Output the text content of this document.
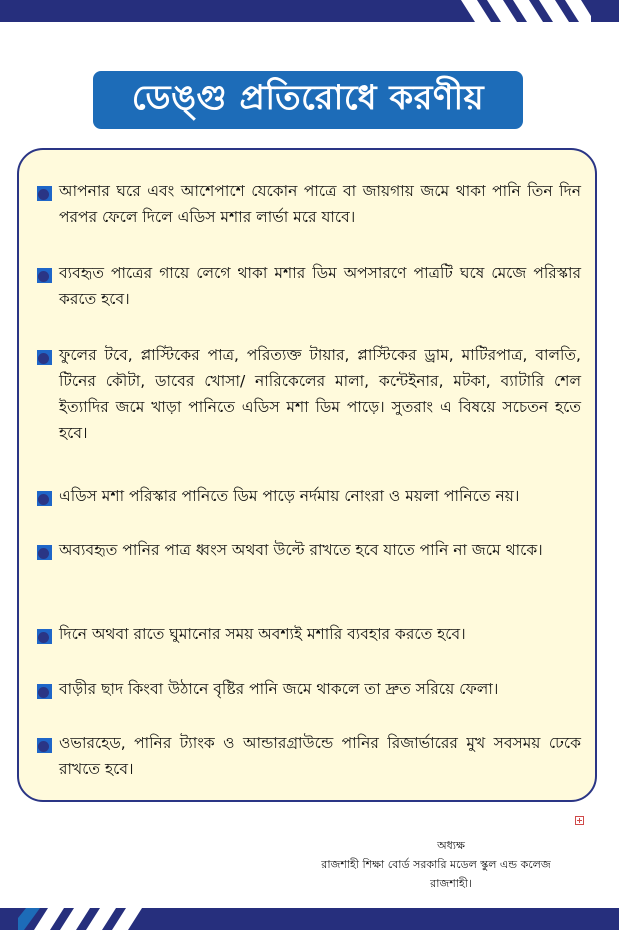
ডেঙ্গু প্রতিরোধে করণীয়
আপনার ঘরে এবং আশেপাশে যেকোন পাত্রে বা জায়গায় জমে থাকা পানি তিন দিন পরপর ফেলে দিলে এডিস মশার লার্ভা মরে যাবে।
ব্যবহৃত পাত্রের গায়ে লেগে থাকা মশার ডিম অপসারণে পাত্রটি ঘষে মেজে পরিস্কার করতে হবে।
ফুলের টবে, প্লাস্টিকের পাত্র, পরিত্যক্ত টায়ার, প্লাস্টিকের ড্রাম, মাটিরপাত্র, বালতি, টিনের কৌটা, ডাবের খোসা/ নারিকেলের মালা, কন্টেইনার, মটকা, ব্যাটারি শেল ইত্যাদির জমে খাড়া পানিতে এডিস মশা ডিম পাড়ে। সুতরাং এ বিষয়ে সচেতন হতে হবে।
এডিস মশা পরিস্কার পানিতে ডিম পাড়ে নর্দমায় নোংরা ও ময়লা পানিতে নয়।
অব্যবহৃত পানির পাত্র ধ্বংস অথবা উল্টে রাখতে হবে যাতে পানি না জমে থাকে।
দিনে অথবা রাতে ঘুমানোর সময় অবশ্যই মশারি ব্যবহার করতে হবে।
বাড়ীর ছাদ কিংবা উঠানে বৃষ্টির পানি জমে থাকলে তা দ্রুত সরিয়ে ফেলা।
ওভারহেড, পানির ট্যাংক ও আন্ডারগ্রাউন্ডে পানির রিজার্ভারের মুখ সবসময় ঢেকে রাখতে হবে।
অধ্যক্ষ
রাজশাহী শিক্ষা বোর্ড সরকারি মডেল স্কুল এন্ড কলেজ
রাজশাহী।
